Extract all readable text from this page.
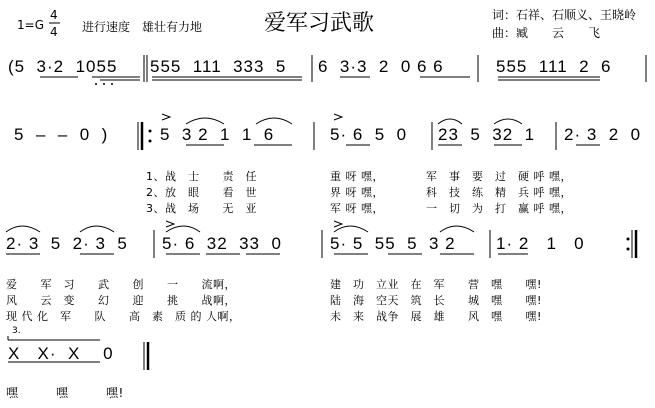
1=G
4
4 进行速度 雄壮有力地	爱军习武歌	词：石祥、石顺义、王晓岭
曲：臧　　云　　飞
(5  3·2  1055 555  111  333  5 6  3·3  2  0 6 6	555  111  2  6
5  –  –  0  )	5  3 2  1  1  6	5· 6  5  0 23  5  32  1 2· 3  2  0
1、战　士　　责　任
2、放　眼　　看　世
3、战　场　　无　亚
重 呀 嘿，
界 呀 嘿，
军 呀 嘿，
军　事　要　过　硬 呼 嘿，
科　技　练　精　兵 呼 嘿，
一　切　为　打　赢 呼 嘿，
2· 3  5  2· 3  5 5· 6  32  33  0	5· 5  55  5  3 2 1· 2   1   0
爱　　军　习　　武　　创　　一　　流啊，
风　　云　变　　幻　　迎　　挑　　战啊，
现 代 化　军　　队　　高　素　质 的 人啊，
建　功　立业　在　军　　营　嘿　　嘿!
陆　海　空天　筑　长　　城　嘿　　嘿!
未　来　战争　展　雄　　风　嘿　　嘿!
3.
X   X·  X    0
嘿　　　嘿　　　嘿!
